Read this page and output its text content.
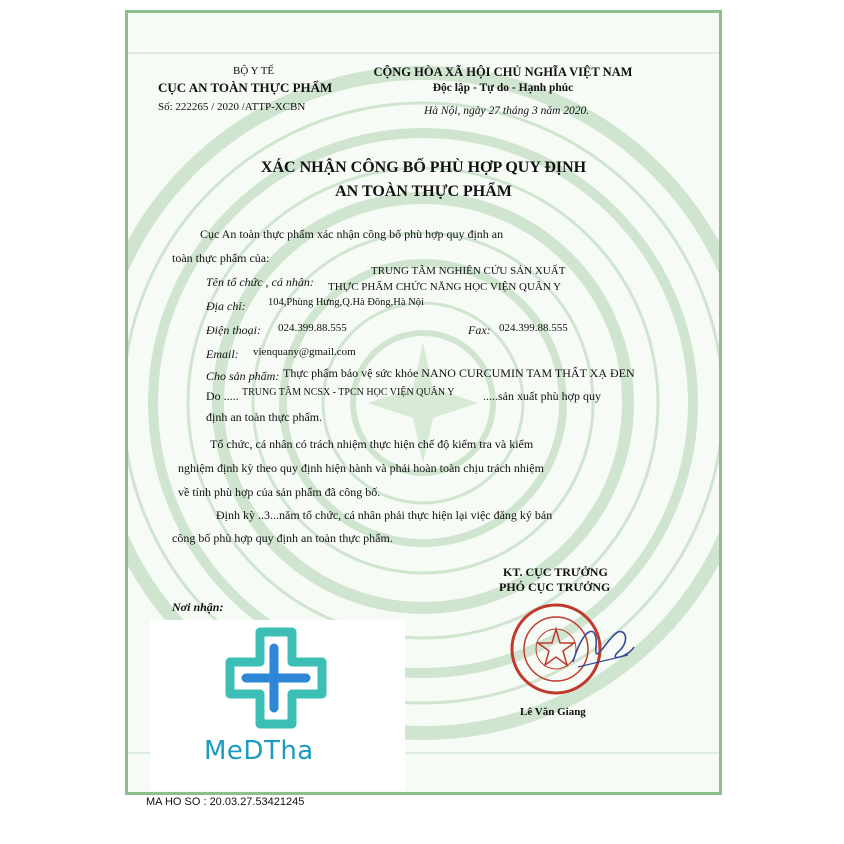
BỘ Y TẾ
CỤC AN TOÀN THỰC PHẨM
Số: 222265 / 2020 /ATTP-XCBN
CỘNG HÒA XÃ HỘI CHỦ NGHĨA VIỆT NAM
Độc lập - Tự do - Hạnh phúc
Hà Nội, ngày 27 tháng 3 năm 2020.
XÁC NHẬN CÔNG BỐ PHÙ HỢP QUY ĐỊNH
AN TOÀN THỰC PHẨM
Cục An toàn thực phẩm xác nhận công bố phù hợp quy định an
toàn thực phẩm của:
Tên tổ chức , cá nhân:
TRUNG TÂM NGHIÊN CỨU SẢN XUẤT
THỰC PHẨM CHỨC NĂNG HỌC VIỆN QUÂN Y
Địa chỉ: 104,Phùng Hưng,Q.Hà Đông,Hà Nội
Điện thoại: 024.399.88.555	Fax: 024.399.88.555
Email: vienquany@gmail.com
Cho sản phẩm: Thực phẩm bảo vệ sức khỏe NANO CURCUMIN TAM THẤT XẠ ĐEN
Do ..... TRUNG TÂM NCSX - TPCN HỌC VIỆN QUÂN Y .....sản xuất phù hợp quy
định an toàn thực phẩm.
Tổ chức, cá nhân có trách nhiệm thực hiện chế độ kiểm tra và kiểm
nghiệm định kỳ theo quy định hiện hành và phải hoàn toàn chịu trách nhiệm
về tính phù hợp của sản phẩm đã công bố.
Định kỳ ..3...năm tổ chức, cá nhân phải thực hiện lại việc đăng ký bản
công bố phù hợp quy định an toàn thực phẩm.
KT. CỤC TRƯỞNG
PHÓ CỤC TRƯỞNG
Nơi nhận:
Lê Văn Giang
MeDTha
MA HO SO : 20.03.27.53421245
